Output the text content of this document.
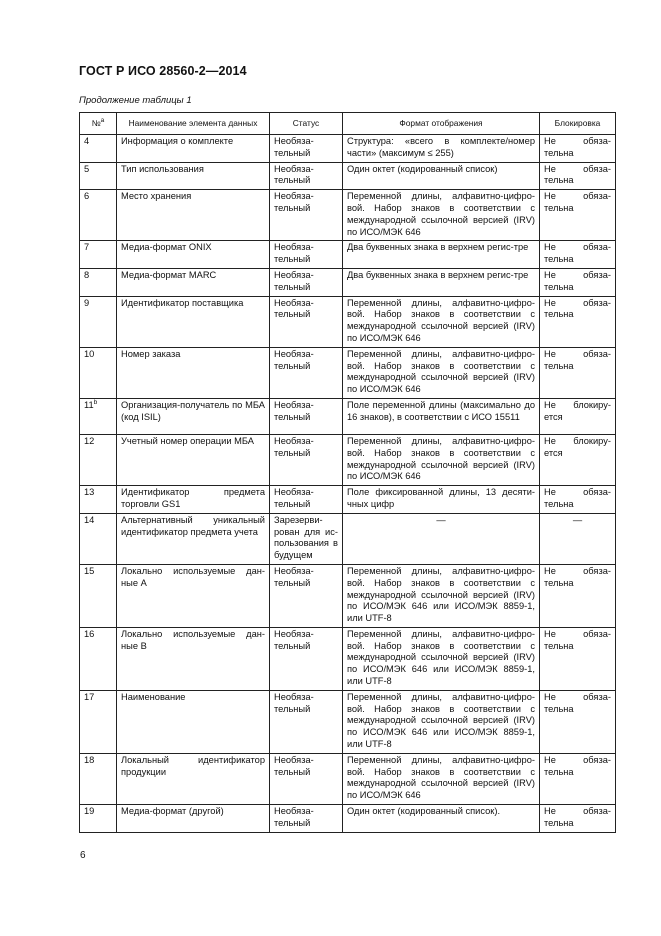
ГОСТ Р ИСО 28560-2—2014
Продолжение таблицы 1
№$^a$	Наименование элемента данных	Статус	Формат отображения	Блокировка
4	Информация о комплекте	Необяза-тельный	Структура: «всего в комплекте/номер части» (максимум ≤ 255)	Не обяза-тельна
5	Тип использования	Необяза-тельный	Один октет (кодированный список)	Не обяза-тельна
6	Место хранения	Необяза-тельный	Переменной длины, алфавитно-цифро-вой. Набор знаков в соответствии с международной ссылочной версией (IRV) по ИСО/МЭК 646	Не обяза-тельна
7	Медиа-формат ONIX	Необяза-тельный	Два буквенных знака в верхнем регис-тре	Не обяза-тельна
8	Медиа-формат MARC	Необяза-тельный	Два буквенных знака в верхнем регис-тре	Не обяза-тельна
9	Идентификатор поставщика	Необяза-тельный	Переменной длины, алфавитно-цифро-вой. Набор знаков в соответствии с международной ссылочной версией (IRV) по ИСО/МЭК 646	Не обяза-тельна
10	Номер заказа	Необяза-тельный	Переменной длины, алфавитно-цифро-вой. Набор знаков в соответствии с международной ссылочной версией (IRV) по ИСО/МЭК 646	Не обяза-тельна
11$^b$	Организация-получатель по МБА (код ISIL)	Необяза-тельный	Поле переменной длины (максимально до 16 знаков), в соответствии с ИСО 15511	Не блокиру-ется
12	Учетный номер операции МБА	Необяза-тельный	Переменной длины, алфавитно-цифро-вой. Набор знаков в соответствии с международной ссылочной версией (IRV) по ИСО/МЭК 646	Не блокиру-ется
13	Идентификатор предмета торговли GS1	Необяза-тельный	Поле фиксированной длины, 13 десяти-чных цифр	Не обяза-тельна
14	Альтернативный уникальный идентификатор предмета учета	Зарезерви-рован для ис-пользования в будущем	—	—
15	Локально используемые дан-ные А	Необяза-тельный	Переменной длины, алфавитно-цифро-вой. Набор знаков в соответствии с международной ссылочной версией (IRV) по ИСО/МЭК 646 или ИСО/МЭК 8859-1, или UTF-8	Не обяза-тельна
16	Локально используемые дан-ные В	Необяза-тельный	Переменной длины, алфавитно-цифро-вой. Набор знаков в соответствии с международной ссылочной версией (IRV) по ИСО/МЭК 646 или ИСО/МЭК 8859-1, или UTF-8	Не обяза-тельна
17	Наименование	Необяза-тельный	Переменной длины, алфавитно-цифро-вой. Набор знаков в соответствии с международной ссылочной версией (IRV) по ИСО/МЭК 646 или ИСО/МЭК 8859-1, или UTF-8	Не обяза-тельна
18	Локальный идентификатор продукции	Необяза-тельный	Переменной длины, алфавитно-цифро-вой. Набор знаков в соответствии с международной ссылочной версией (IRV) по ИСО/МЭК 646	Не обяза-тельна
19	Медиа-формат (другой)	Необяза-тельный	Один октет (кодированный список).	Не обяза-тельна
6
